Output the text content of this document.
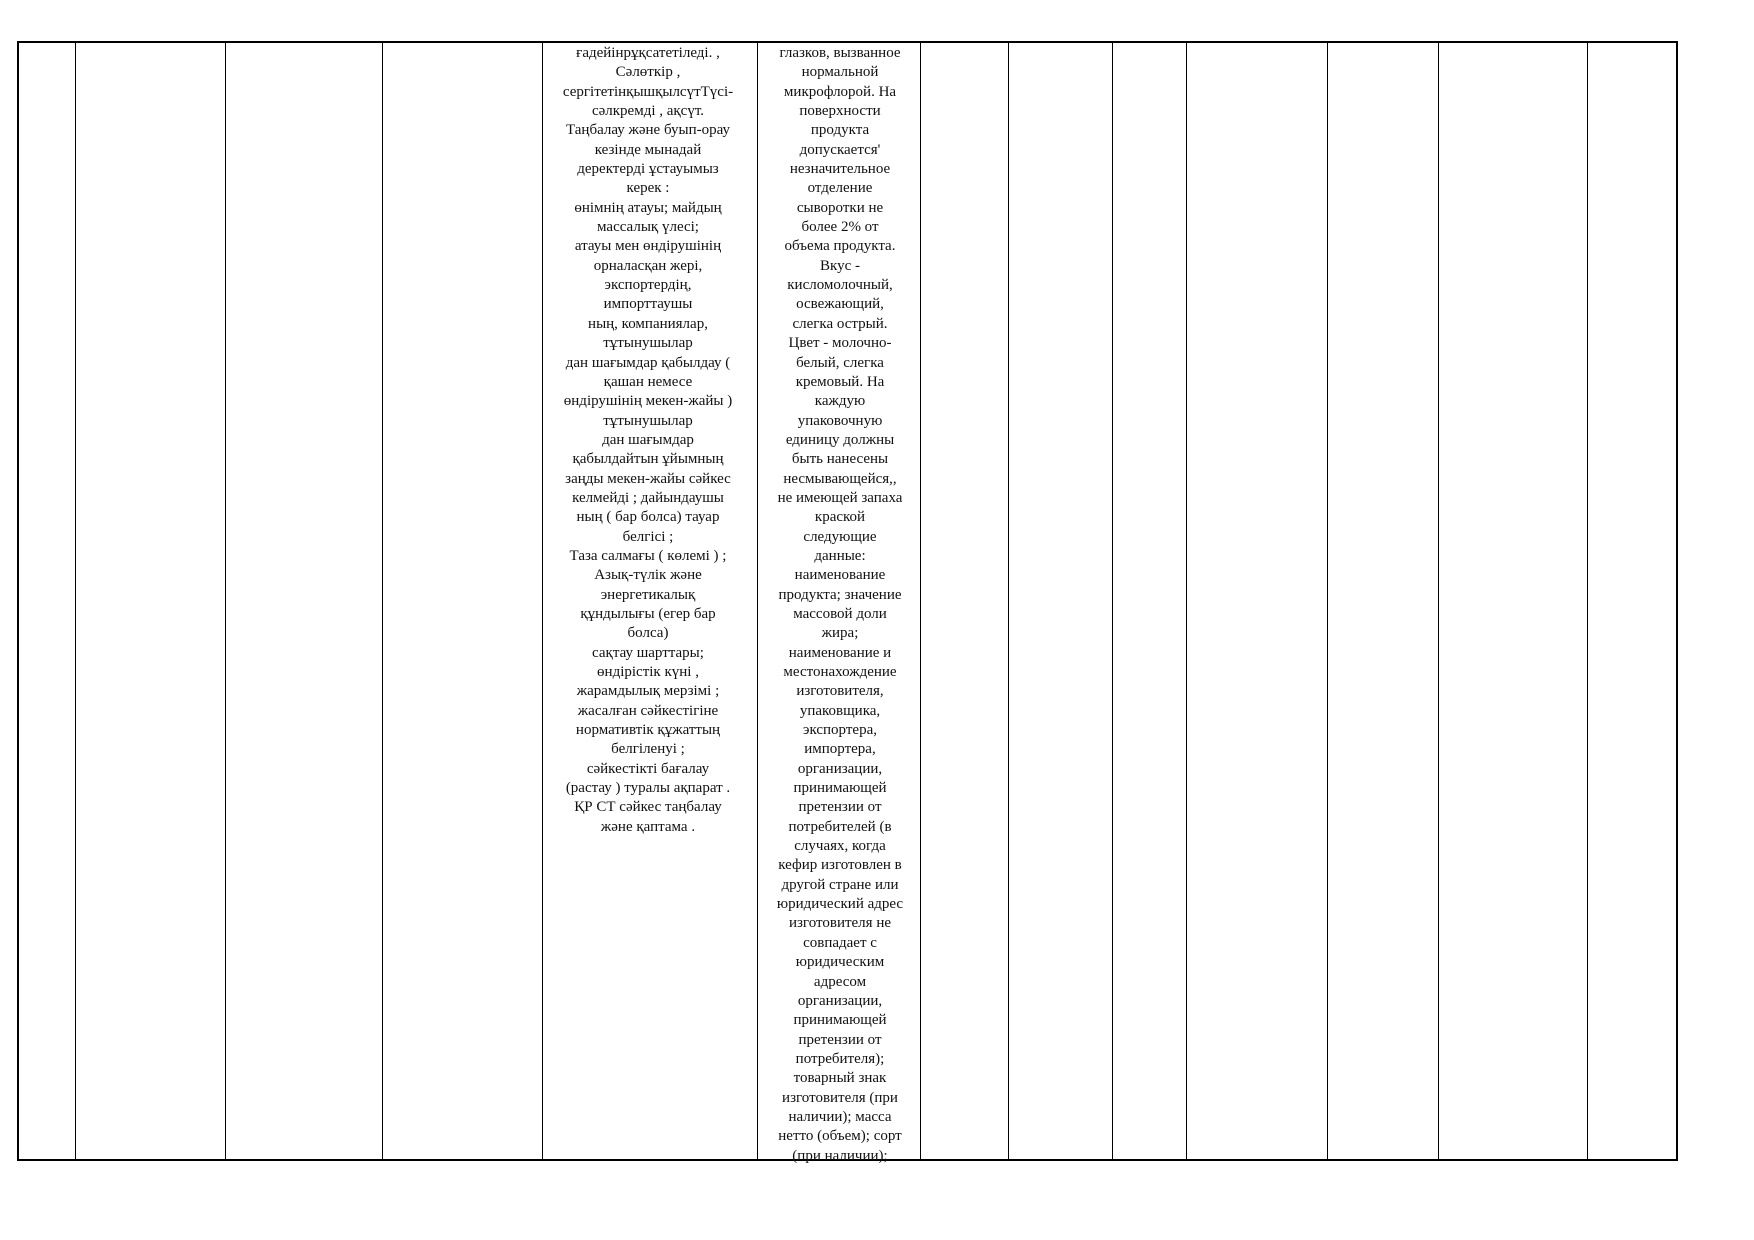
ғадейінрұқсатетіледі. ,
Сәлөткір ,
сергітетінқышқылсүтТүсі-
сәлкремді , ақсүт.
Таңбалау және буып-орау
кезінде мынадай
деректерді ұстауымыз
керек :
өнімнің атауы; майдың
массалық үлесі;
атауы мен өндірушінің
орналасқан жері,
экспортердің,
импорттаушы
ның, компаниялар,
тұтынушылар
дан шағымдар қабылдау (
қашан немесе
өндірушінің мекен-жайы )
тұтынушылар
дан шағымдар
қабылдайтын ұйымның
заңды мекен-жайы сәйкес
келмейді ; дайындаушы
ның ( бар болса) тауар
белгісі ;
Таза салмағы ( көлемі ) ;
Азық-түлік және
энергетикалық
құндылығы (егер бар
болса)
сақтау шарттары;
өндірістік күні ,
жарамдылық мерзімі ;
жасалған сәйкестігіне
нормативтік құжаттың
белгіленуі ;
сәйкестікті бағалау
(растау ) туралы ақпарат .
ҚР СТ сәйкес таңбалау
және қаптама .

глазков, вызванное
нормальной
микрофлорой. На
поверхности
продукта
допускается'
незначительное
отделение
сыворотки не
более 2% от
объема продукта.
Вкус -
кисломолочный,
освежающий,
слегка острый.
Цвет - молочно-
белый, слегка
кремовый. На
каждую
упаковочную
единицу должны
быть нанесены
несмывающейся,,
не имеющей запаха
краской
следующие
данные:
наименование
продукта; значение
массовой доли
жира;
наименование и
местонахождение
изготовителя,
упаковщика,
экспортера,
импортера,
организации,
принимающей
претензии от
потребителей (в
случаях, когда
кефир изготовлен в
другой стране или
юридический адрес
изготовителя не
совпадает с
юридическим
адресом
организации,
принимающей
претензии от
потребителя);
товарный знак
изготовителя (при
наличии); масса
нетто (объем); сорт
(при наличии);
